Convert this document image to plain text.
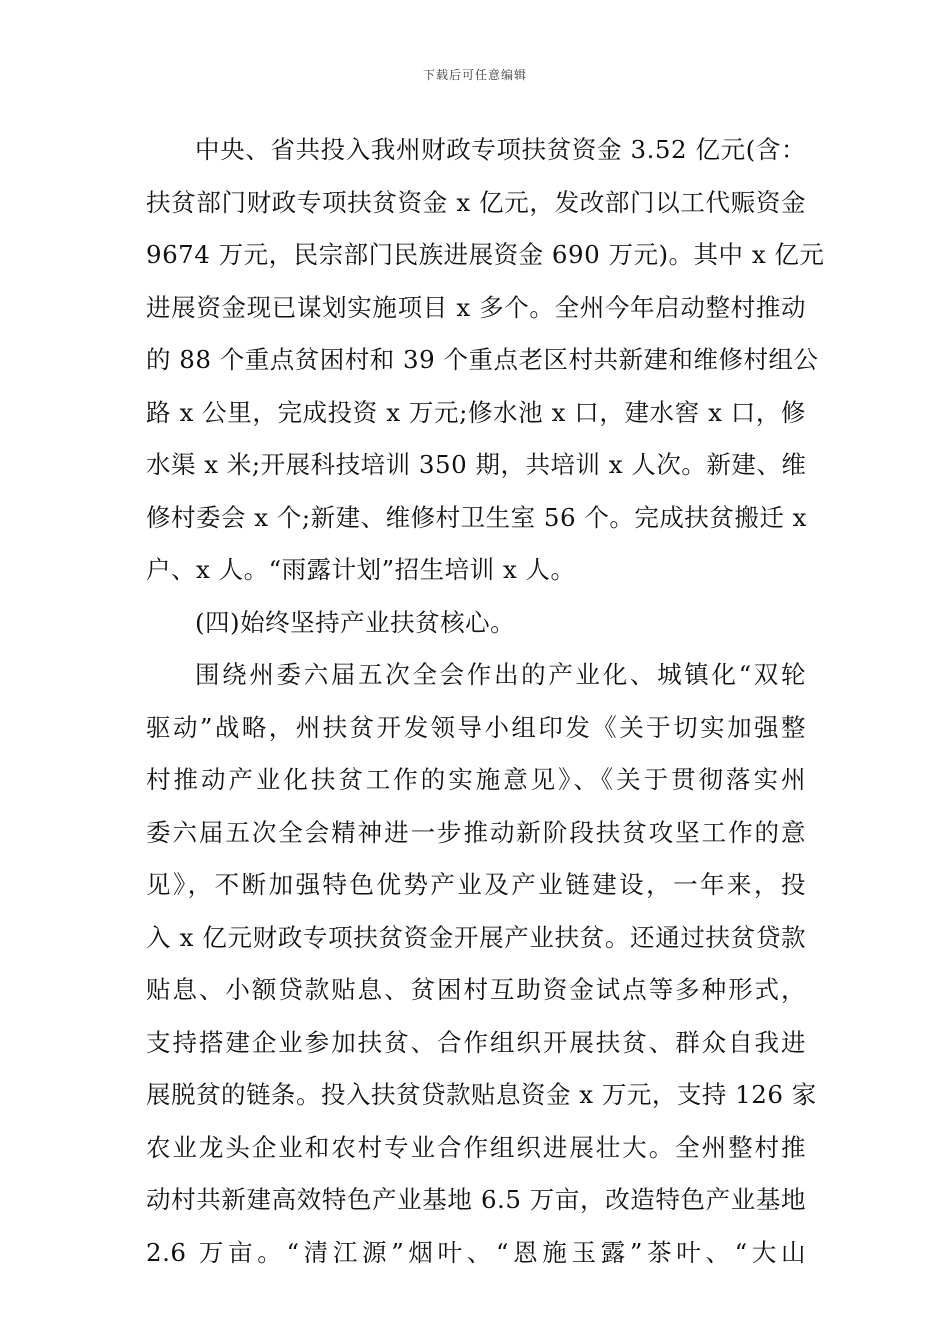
下载后可任意编辑
中央、省共投入我州财政专项扶贫资金 3.52 亿元(含：
扶贫部门财政专项扶贫资金 x 亿元，发改部门以工代赈资金
9674 万元，民宗部门民族进展资金 690 万元)。其中 x 亿元
进展资金现已谋划实施项目 x 多个。全州今年启动整村推动
的 88 个重点贫困村和 39 个重点老区村共新建和维修村组公
路 x 公里，完成投资 x 万元;修水池 x 口，建水窖 x 口，修
水渠 x 米;开展科技培训 350 期，共培训 x 人次。新建、维
修村委会 x 个;新建、维修村卫生室 56 个。完成扶贫搬迁 x
户、x 人。“雨露计划”招生培训 x 人。
(四)始终坚持产业扶贫核心。
围绕州委六届五次全会作出的产业化、城镇化“双轮
驱动”战略，州扶贫开发领导小组印发《关于切实加强整
村推动产业化扶贫工作的实施意见》、《关于贯彻落实州
委六届五次全会精神进一步推动新阶段扶贫攻坚工作的意
见》，不断加强特色优势产业及产业链建设，一年来，投
入 x 亿元财政专项扶贫资金开展产业扶贫。还通过扶贫贷款
贴息、小额贷款贴息、贫困村互助资金试点等多种形式，
支持搭建企业参加扶贫、合作组织开展扶贫、群众自我进
展脱贫的链条。投入扶贫贷款贴息资金 x 万元，支持 126 家
农业龙头企业和农村专业合作组织进展壮大。全州整村推
动村共新建高效特色产业基地 6.5 万亩，改造特色产业基地
2.6 万亩。“清江源”烟叶、“恩施玉露”茶叶、“大山
